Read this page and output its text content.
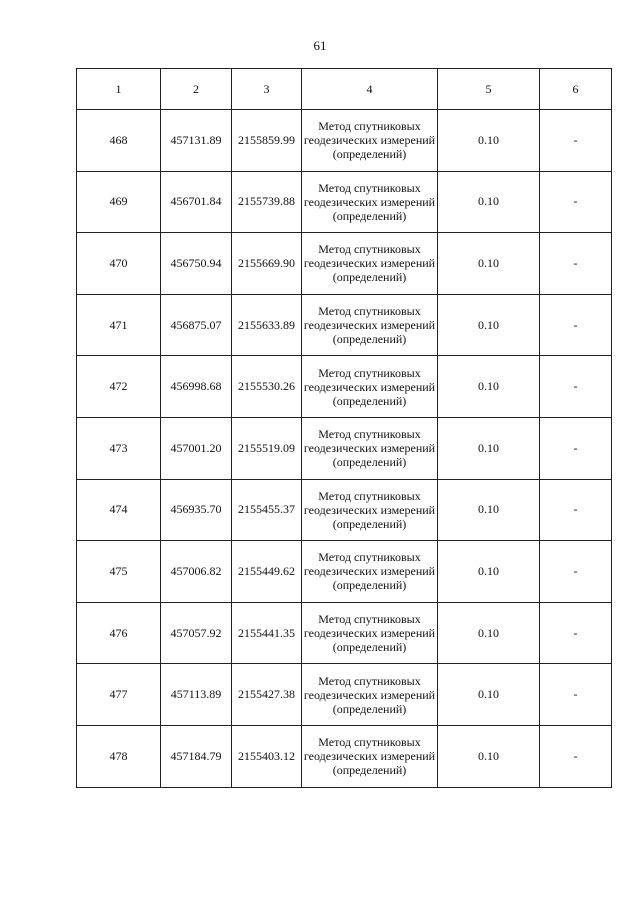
61
1	2	3	4	5	6
468	457131.89	2155859.99	Метод спутниковых геодезических измерений (определений)	0.10	-
469	456701.84	2155739.88	Метод спутниковых геодезических измерений (определений)	0.10	-
470	456750.94	2155669.90	Метод спутниковых геодезических измерений (определений)	0.10	-
471	456875.07	2155633.89	Метод спутниковых геодезических измерений (определений)	0.10	-
472	456998.68	2155530.26	Метод спутниковых геодезических измерений (определений)	0.10	-
473	457001.20	2155519.09	Метод спутниковых геодезических измерений (определений)	0.10	-
474	456935.70	2155455.37	Метод спутниковых геодезических измерений (определений)	0.10	-
475	457006.82	2155449.62	Метод спутниковых геодезических измерений (определений)	0.10	-
476	457057.92	2155441.35	Метод спутниковых геодезических измерений (определений)	0.10	-
477	457113.89	2155427.38	Метод спутниковых геодезических измерений (определений)	0.10	-
478	457184.79	2155403.12	Метод спутниковых геодезических измерений (определений)	0.10	-
